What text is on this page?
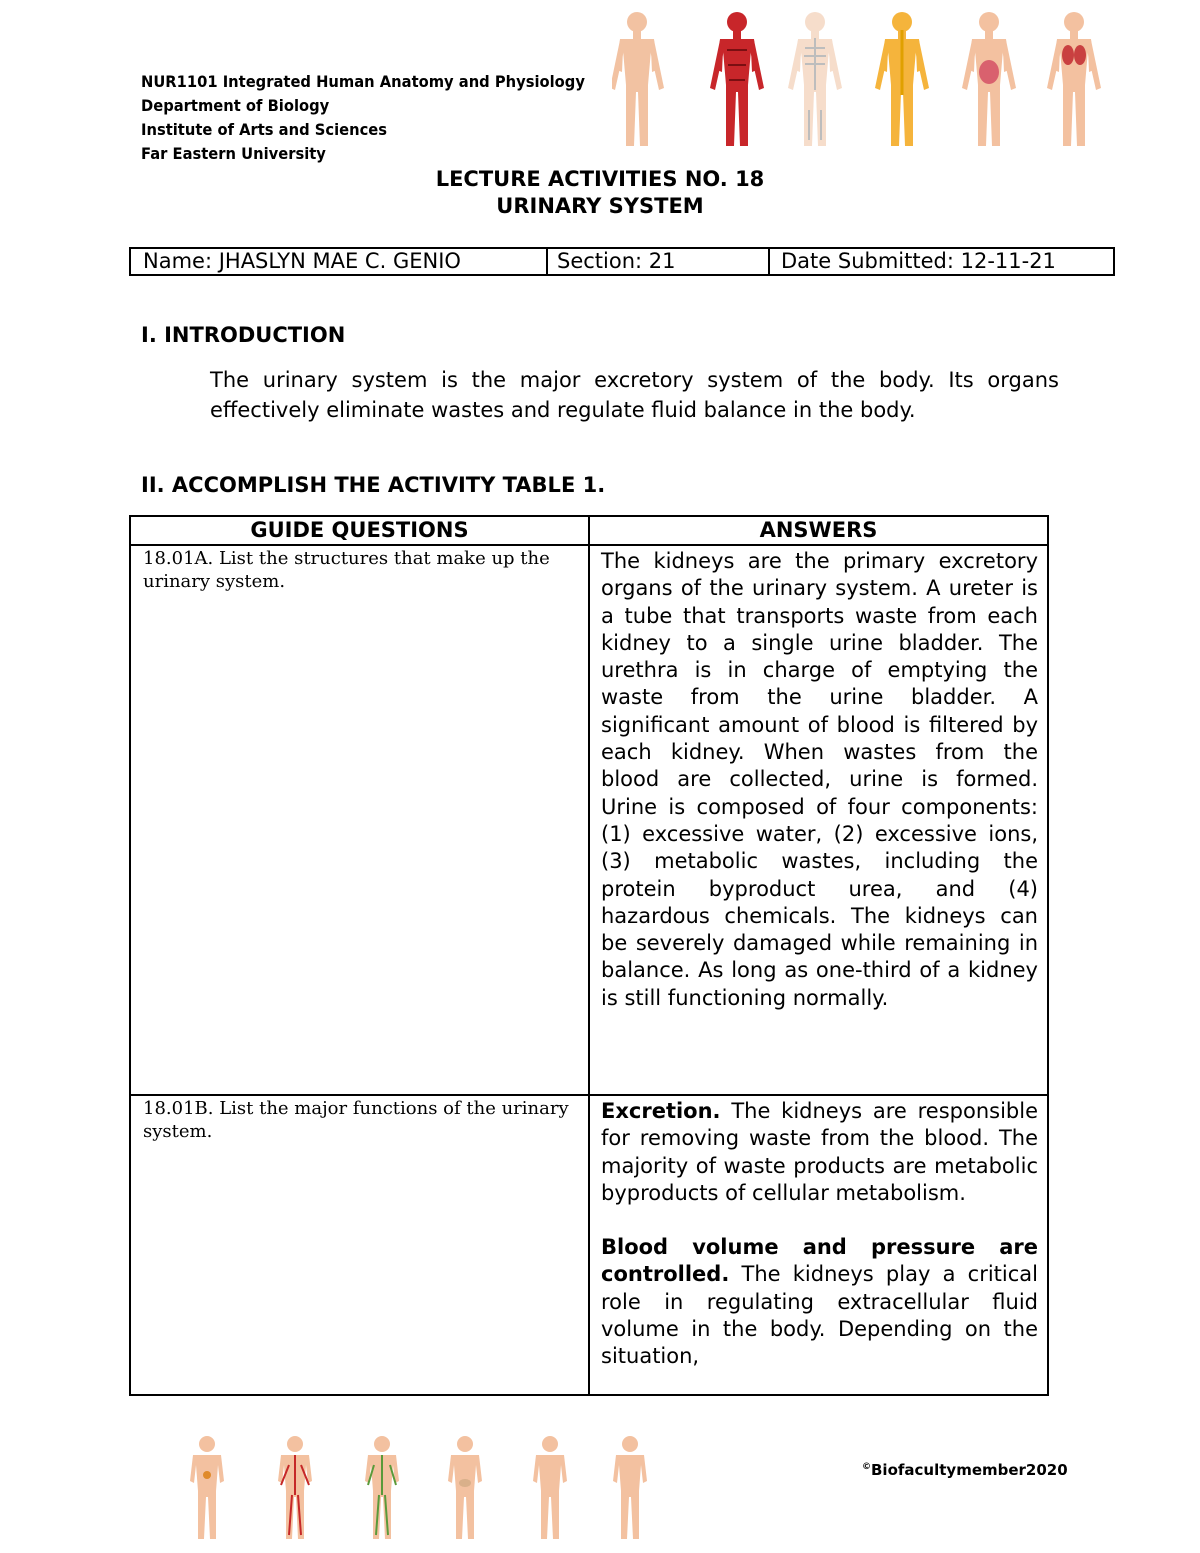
NUR1101 Integrated Human Anatomy and Physiology
Department of Biology
Institute of Arts and Sciences
Far Eastern University
LECTURE ACTIVITIES NO. 18
URINARY SYSTEM
Name: JHASLYN MAE C. GENIO	Section: 21	Date Submitted: 12-11-21
I. INTRODUCTION
The urinary system is the major excretory system of the body. Its organs effectively eliminate wastes and regulate fluid balance in the body.
II. ACCOMPLISH THE ACTIVITY TABLE 1.
GUIDE QUESTIONS	ANSWERS
18.01A. List the structures that make up the urinary system.	The kidneys are the primary excretory organs of the urinary system. A ureter is a tube that transports waste from each kidney to a single urine bladder. The urethra is in charge of emptying the waste from the urine bladder. A significant amount of blood is filtered by each kidney. When wastes from the blood are collected, urine is formed. Urine is composed of four components: (1) excessive water, (2) excessive ions, (3) metabolic wastes, including the protein byproduct urea, and (4) hazardous chemicals. The kidneys can be severely damaged while remaining in balance. As long as one-third of a kidney is still functioning normally.

18.01B. List the major functions of the urinary system.	Excretion. The kidneys are responsible for removing waste from the blood. The majority of waste products are metabolic byproducts of cellular metabolism.

Blood volume and pressure are controlled. The kidneys play a critical role in regulating extracellular fluid volume in the body. Depending on the situation,

©Biofacultymember2020
